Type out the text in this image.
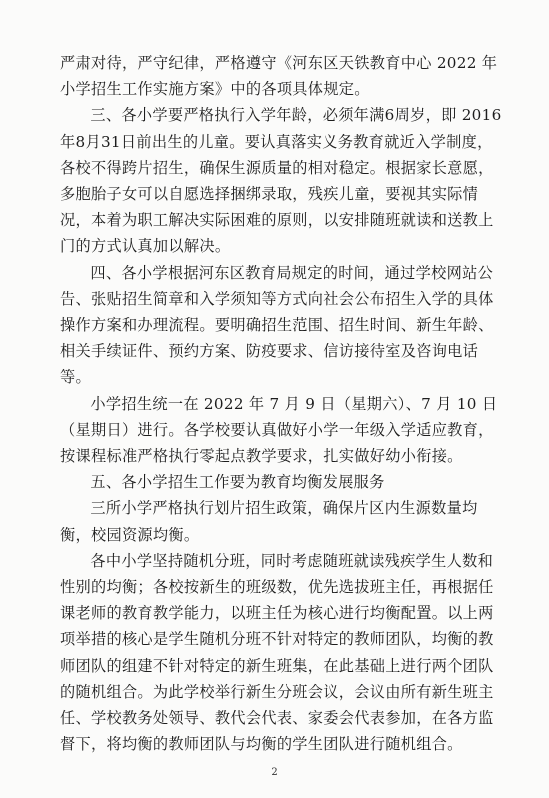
严肃对待，严守纪律，严格遵守《河东区天铁教育中心 2022 年小学招生工作实施方案》中的各项具体规定。

三、各小学要严格执行入学年龄，必须年满6周岁，即 2016年8月31日前出生的儿童。要认真落实义务教育就近入学制度，各校不得跨片招生，确保生源质量的相对稳定。根据家长意愿，多胞胎子女可以自愿选择捆绑录取，残疾儿童，要视其实际情况，本着为职工解决实际困难的原则，以安排随班就读和送教上门的方式认真加以解决。

四、各小学根据河东区教育局规定的时间，通过学校网站公告、张贴招生简章和入学须知等方式向社会公布招生入学的具体操作方案和办理流程。要明确招生范围、招生时间、新生年龄、相关手续证件、预约方案、防疫要求、信访接待室及咨询电话等。

小学招生统一在 2022 年 7 月 9 日（星期六）、7 月 10 日（星期日）进行。各学校要认真做好小学一年级入学适应教育，按课程标准严格执行零起点教学要求，扎实做好幼小衔接。

五、各小学招生工作要为教育均衡发展服务

三所小学严格执行划片招生政策，确保片区内生源数量均衡，校园资源均衡。

各中小学坚持随机分班，同时考虑随班就读残疾学生人数和性别的均衡；各校按新生的班级数，优先选拔班主任，再根据任课老师的教育教学能力，以班主任为核心进行均衡配置。以上两项举措的核心是学生随机分班不针对特定的教师团队，均衡的教师团队的组建不针对特定的新生班集，在此基础上进行两个团队的随机组合。为此学校举行新生分班会议，会议由所有新生班主任、学校教务处领导、教代会代表、家委会代表参加，在各方监督下，将均衡的教师团队与均衡的学生团队进行随机组合。

2
